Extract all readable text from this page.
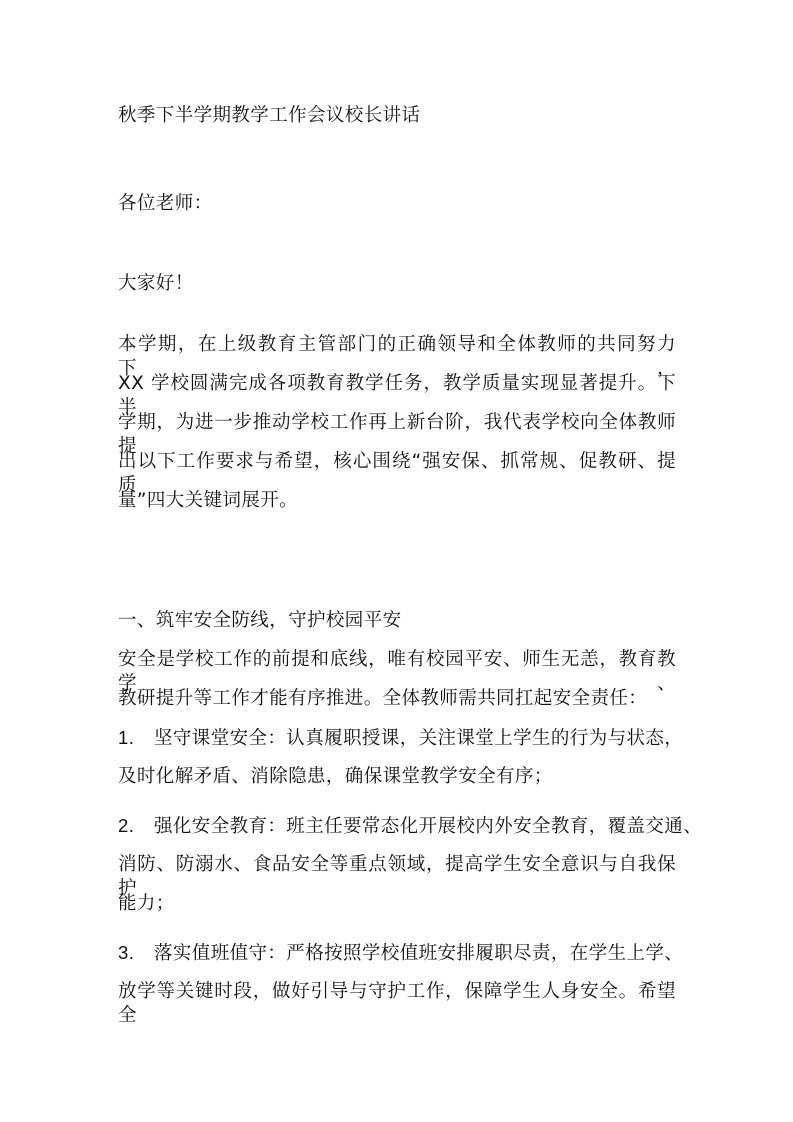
秋季下半学期教学工作会议校长讲话
各位老师：
大家好！
本学期，在上级教育主管部门的正确领导和全体教师的共同努力下，
XX 学校圆满完成各项教育教学任务，教学质量实现显著提升。下半
学期，为进一步推动学校工作再上新台阶，我代表学校向全体教师提
出以下工作要求与希望，核心围绕“强安保、抓常规、促教研、提质
量”四大关键词展开。
一、筑牢安全防线，守护校园平安
安全是学校工作的前提和底线，唯有校园平安、师生无恙，教育教学、
教研提升等工作才能有序推进。全体教师需共同扛起安全责任：
1. 坚守课堂安全：认真履职授课，关注课堂上学生的行为与状态，
及时化解矛盾、消除隐患，确保课堂教学安全有序；
2. 强化安全教育：班主任要常态化开展校内外安全教育，覆盖交通、
消防、防溺水、食品安全等重点领域，提高学生安全意识与自我保护
能力；
3. 落实值班值守：严格按照学校值班安排履职尽责，在学生上学、
放学等关键时段，做好引导与守护工作，保障学生人身安全。希望全
